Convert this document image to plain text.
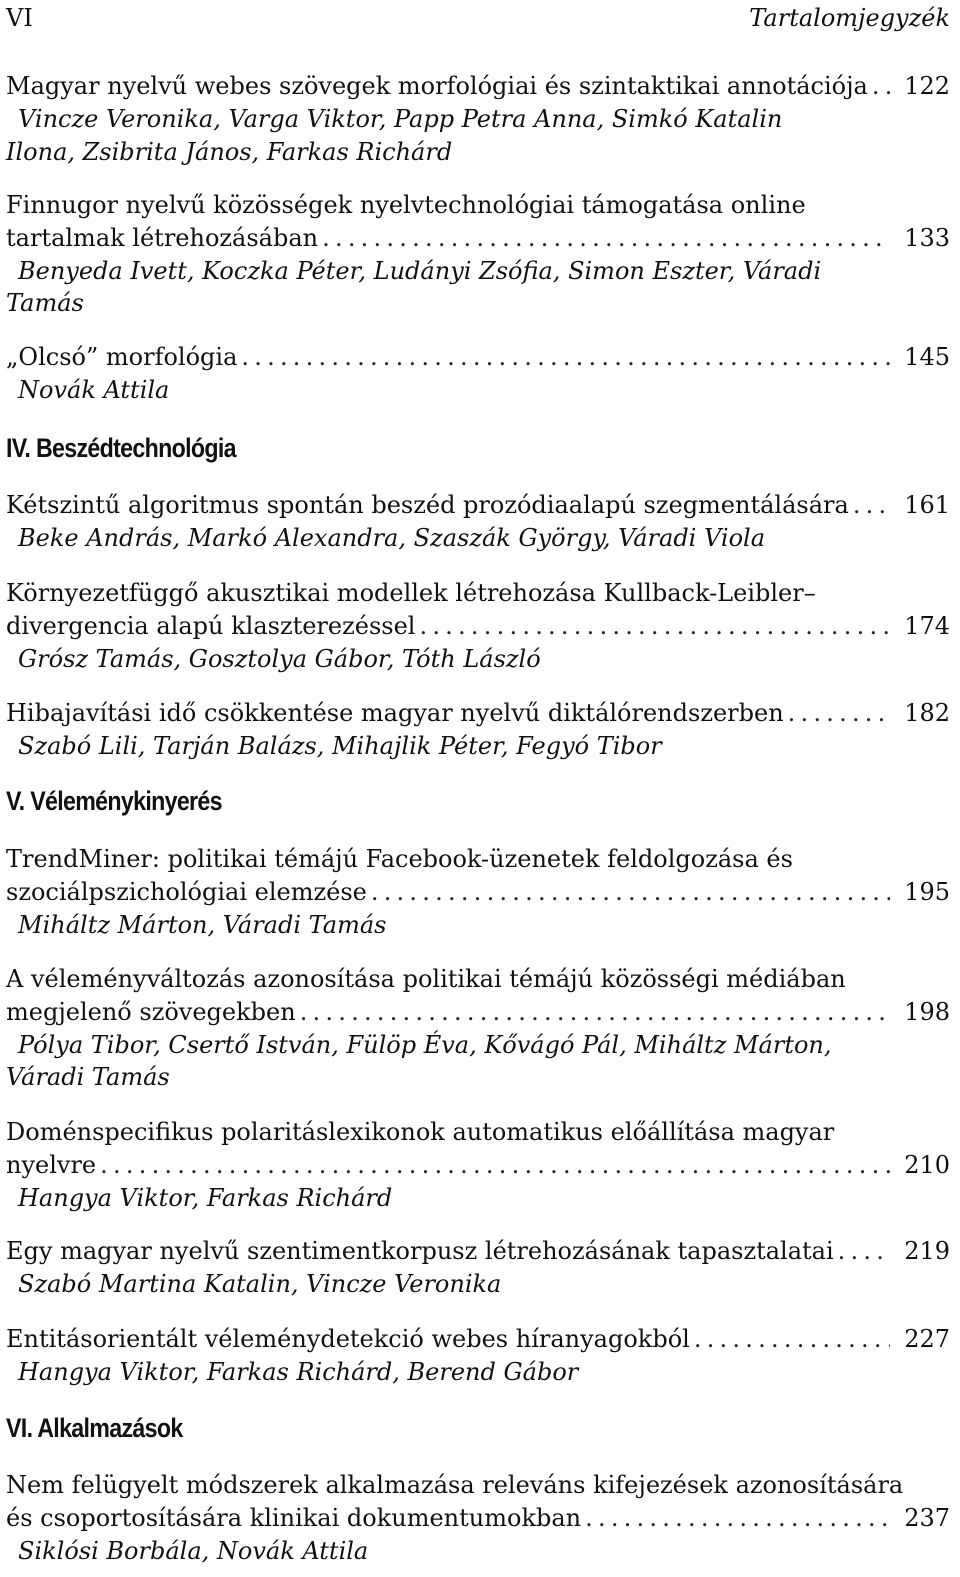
VI	Tartalomjegyzék
Magyar nyelvű webes szövegek morfológiai és szintaktikai annotációja . . .	122
Vincze Veronika, Varga Viktor, Papp Petra Anna, Simkó Katalin
Ilona, Zsibrita János, Farkas Richárd
Finnugor nyelvű közösségek nyelvtechnológiai támogatása online
tartalmak létrehozásában . . .	133
Benyeda Ivett, Koczka Péter, Ludányi Zsófia, Simon Eszter, Váradi
Tamás
„Olcsó” morfológia . . .	145
Novák Attila
Kétszintű algoritmus spontán beszéd prozódiaalapú szegmentálására . . .	161
Beke András, Markó Alexandra, Szaszák György, Váradi Viola
Környezetfüggő akusztikai modellek létrehozása Kullback-Leibler–
divergencia alapú klaszterezéssel . . .	174
Grósz Tamás, Gosztolya Gábor, Tóth László
Hibajavítási idő csökkentése magyar nyelvű diktálórendszerben . . .	182
Szabó Lili, Tarján Balázs, Mihajlik Péter, Fegyó Tibor
TrendMiner: politikai témájú Facebook-üzenetek feldolgozása és
szociálpszichológiai elemzése . . .	195
Miháltz Márton, Váradi Tamás
A véleményváltozás azonosítása politikai témájú közösségi médiában
megjelenő szövegekben . . .	198
Pólya Tibor, Csertő István, Fülöp Éva, Kővágó Pál, Miháltz Márton,
Váradi Tamás
Doménspecifikus polaritáslexikonok automatikus előállítása magyar
nyelvre . . .	210
Hangya Viktor, Farkas Richárd
Egy magyar nyelvű szentimentkorpusz létrehozásának tapasztalatai . . .	219
Szabó Martina Katalin, Vincze Veronika
Entitásorientált véleménydetekció webes híranyagokból . . .	227
Hangya Viktor, Farkas Richárd, Berend Gábor
Nem felügyelt módszerek alkalmazása releváns kifejezések azonosítására
és csoportosítására klinikai dokumentumokban . . .	237
Siklósi Borbála, Novák Attila
IV. Beszédtechnológia
V. Véleménykinyerés
VI. Alkalmazások
